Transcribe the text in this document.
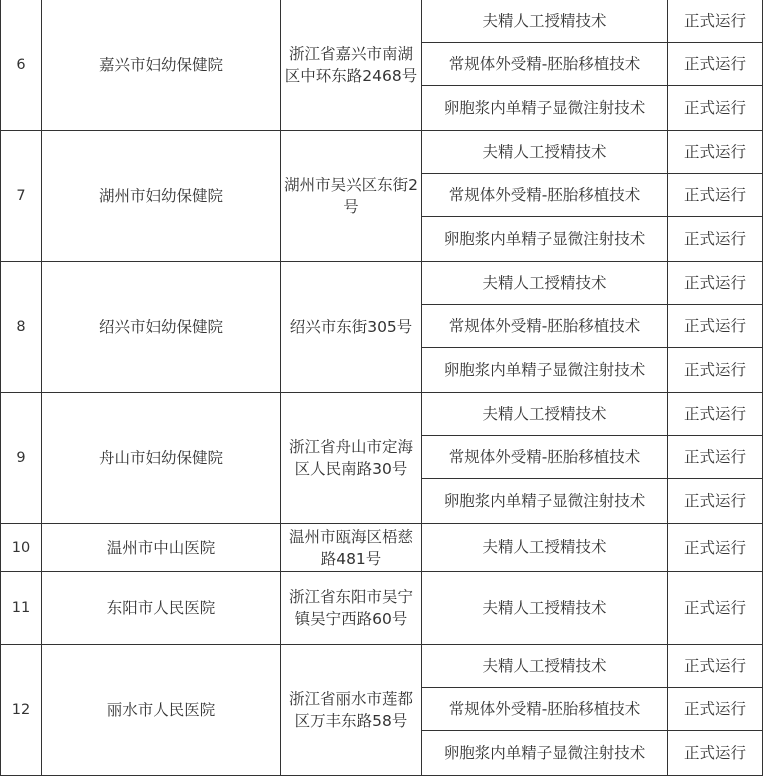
6	嘉兴市妇幼保健院	浙江省嘉兴市南湖区中环东路2468号	夫精人工授精技术	正式运行
			常规体外受精-胚胎移植技术	正式运行
			卵胞浆内单精子显微注射技术	正式运行
7	湖州市妇幼保健院	湖州市吴兴区东街2号	夫精人工授精技术	正式运行
			常规体外受精-胚胎移植技术	正式运行
			卵胞浆内单精子显微注射技术	正式运行
8	绍兴市妇幼保健院	绍兴市东街305号	夫精人工授精技术	正式运行
			常规体外受精-胚胎移植技术	正式运行
			卵胞浆内单精子显微注射技术	正式运行
9	舟山市妇幼保健院	浙江省舟山市定海区人民南路30号	夫精人工授精技术	正式运行
			常规体外受精-胚胎移植技术	正式运行
			卵胞浆内单精子显微注射技术	正式运行
10	温州市中山医院	温州市瓯海区梧慈路481号	夫精人工授精技术	正式运行
11	东阳市人民医院	浙江省东阳市吴宁镇吴宁西路60号	夫精人工授精技术	正式运行
12	丽水市人民医院	浙江省丽水市莲都区万丰东路58号	夫精人工授精技术	正式运行
			常规体外受精-胚胎移植技术	正式运行
			卵胞浆内单精子显微注射技术	正式运行
